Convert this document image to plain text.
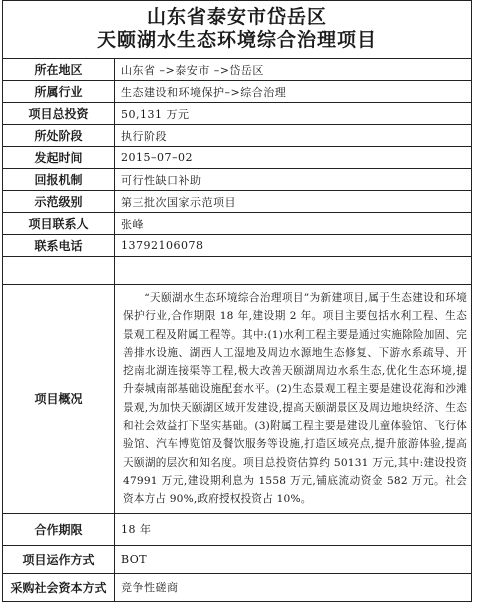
山东省泰安市岱岳区
天颐湖水生态环境综合治理项目
所在地区	山东省 –>泰安市 –>岱岳区
所属行业	生态建设和环境保护–>综合治理
项目总投资	50,131 万元
所处阶段	执行阶段
发起时间	2015–07–02
回报机制	可行性缺口补助
示范级别	第三批次国家示范项目
项目联系人	张峰
联系电话	13792106078

项目概况	“天颐湖水生态环境综合治理项目”为新建项目,属于生态建设和环境保护行业,合作期限 18 年,建设期 2 年。项目主要包括水利工程、生态景观工程及附属工程等。其中:(1)水利工程主要是通过实施除险加固、完善排水设施、湖西人工湿地及周边水源地生态修复、下游水系疏导、开挖南北湖连接渠等工程,极大改善天颐湖周边水系生态,优化生态环境,提升泰城南部基础设施配套水平。(2)生态景观工程主要是建设花海和沙滩景观,为加快天颐湖区域开发建设,提高天颐湖景区及周边地块经济、生态和社会效益打下坚实基础。(3)附属工程主要是建设儿童体验馆、飞行体验馆、汽车博览馆及餐饮服务等设施,打造区域亮点,提升旅游体验,提高天颐湖的层次和知名度。项目总投资估算约 50131 万元,其中:建设投资 47991 万元,建设期利息为 1558 万元,铺底流动资金 582 万元。社会资本方占 90%,政府授权投资占 10%。

合作期限	18 年
项目运作方式	BOT
采购社会资本方式	竞争性磋商
